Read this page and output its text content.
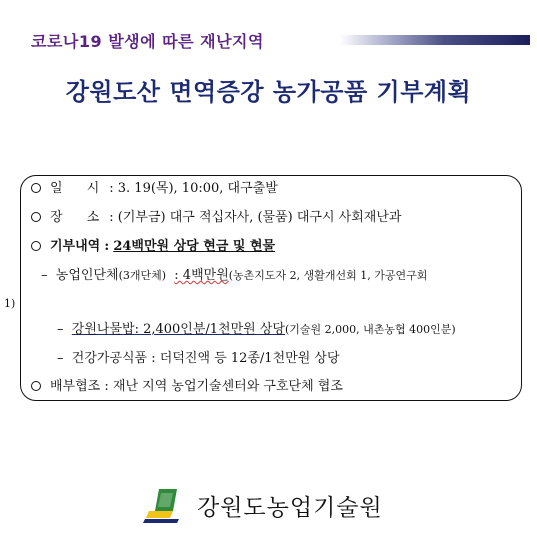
코로나19 발생에 따른 재난지역
강원도산 면역증강 농가공품 기부계획
일 시: 3. 19(목), 10:00, 대구출발
장 소: (기부금) 대구 적십자사, (물품) 대구시 사회재난과
기부내역 : 24백만원 상당 현금 및 현물
– 농업인단체(3개단체) : 4백만원(농촌지도자 2, 생활개선회 1, 가공연구회
1)
– 강원나물밥: 2,400인분/1천만원 상당(기술원 2,000, 내촌농협 400인분)
– 건강가공식품 : 더덕진액 등 12종/1천만원 상당
배부협조 : 재난 지역 농업기술센터와 구호단체 협조
강원도농업기술원
